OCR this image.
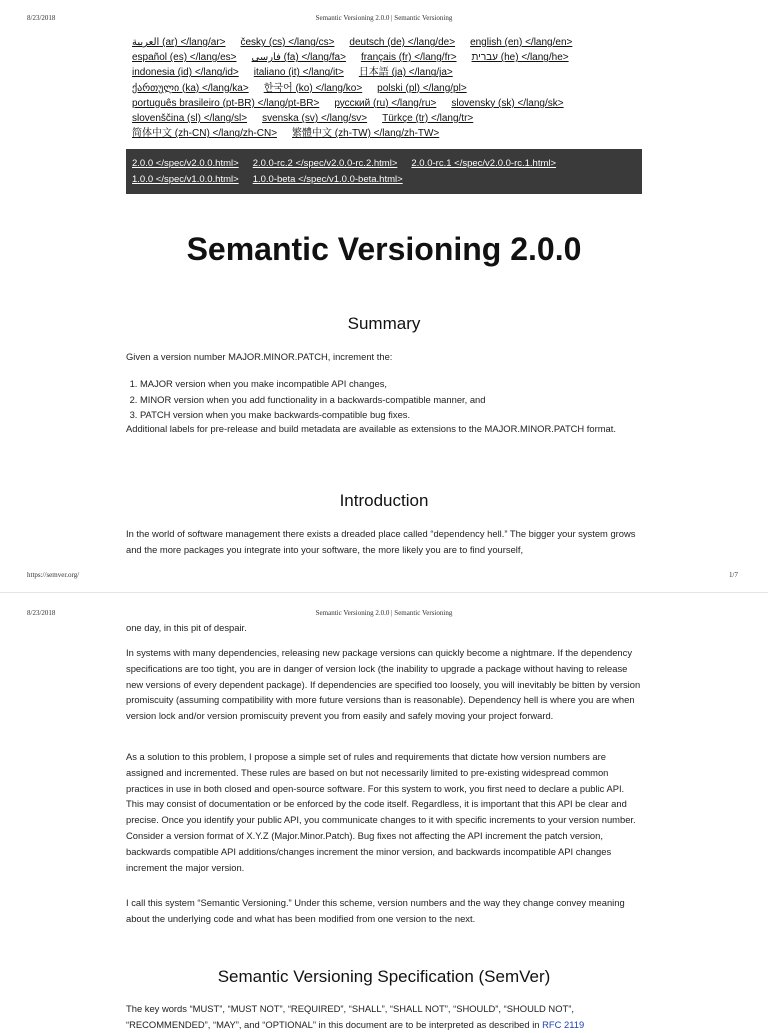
8/23/2018	Semantic Versioning 2.0.0 | Semantic Versioning
العربية (ar) </lang/ar> česky (cs) </lang/cs> deutsch (de) </lang/de> english (en) </lang/en>
español (es) </lang/es> فارسی (fa) </lang/fa> français (fr) </lang/fr> עברית (he) </lang/he>
indonesia (id) </lang/id> italiano (it) </lang/it> 日本語 (ja) </lang/ja>
ქართული (ka) </lang/ka> 한국어 (ko) </lang/ko> polski (pl) </lang/pl>
português brasileiro (pt-BR) </lang/pt-BR> русский (ru) </lang/ru> slovensky (sk) </lang/sk>
slovenščina (sl) </lang/sl> svenska (sv) </lang/sv> Türkçe (tr) </lang/tr>
简体中文 (zh-CN) </lang/zh-CN> 繁體中文 (zh-TW) </lang/zh-TW>
2.0.0 </spec/v2.0.0.html> 2.0.0-rc.2 </spec/v2.0.0-rc.2.html> 2.0.0-rc.1 </spec/v2.0.0-rc.1.html>
1.0.0 </spec/v1.0.0.html> 1.0.0-beta </spec/v1.0.0-beta.html>
Semantic Versioning 2.0.0
Summary

Given a version number MAJOR.MINOR.PATCH, increment the:

1. MAJOR version when you make incompatible API changes,
2. MINOR version when you add functionality in a backwards-compatible manner, and
3. PATCH version when you make backwards-compatible bug fixes.

Additional labels for pre-release and build metadata are available as extensions to the MAJOR.MINOR.PATCH format.

Introduction

In the world of software management there exists a dreaded place called “dependency hell.” The bigger your system grows and the more packages you integrate into your software, the more likely you are to find yourself,

https://semver.org/	1/7
8/23/2018	Semantic Versioning 2.0.0 | Semantic Versioning

one day, in this pit of despair.

In systems with many dependencies, releasing new package versions can quickly become a nightmare. If the dependency specifications are too tight, you are in danger of version lock (the inability to upgrade a package without having to release new versions of every dependent package). If dependencies are specified too loosely, you will inevitably be bitten by version promiscuity (assuming compatibility with more future versions than is reasonable). Dependency hell is where you are when version lock and/or version promiscuity prevent you from easily and safely moving your project forward.

As a solution to this problem, I propose a simple set of rules and requirements that dictate how version numbers are assigned and incremented. These rules are based on but not necessarily limited to pre-existing widespread common practices in use in both closed and open-source software. For this system to work, you first need to declare a public API. This may consist of documentation or be enforced by the code itself. Regardless, it is important that this API be clear and precise. Once you identify your public API, you communicate changes to it with specific increments to your version number. Consider a version format of X.Y.Z (Major.Minor.Patch). Bug fixes not affecting the API increment the patch version, backwards compatible API additions/changes increment the minor version, and backwards incompatible API changes increment the major version.

I call this system “Semantic Versioning.” Under this scheme, version numbers and the way they change convey meaning about the underlying code and what has been modified from one version to the next.

Semantic Versioning Specification (SemVer)

The key words “MUST”, “MUST NOT”, “REQUIRED”, “SHALL”, “SHALL NOT”, “SHOULD”, “SHOULD NOT”, “RECOMMENDED”, “MAY”, and “OPTIONAL” in this document are to be interpreted as described in RFC 2119
